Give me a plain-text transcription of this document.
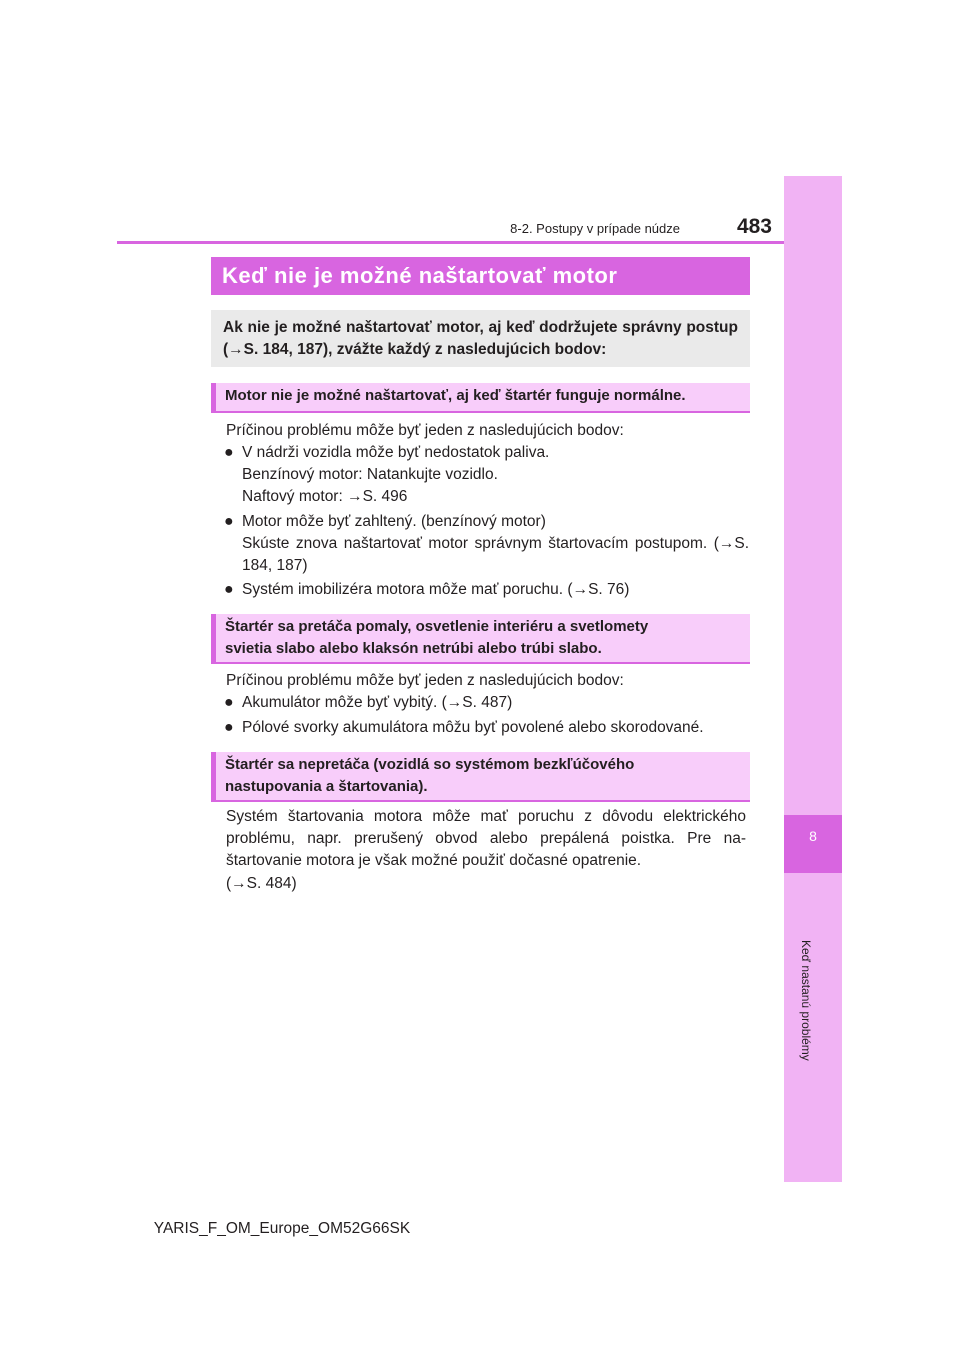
8
Keď nastanú problémy
8-2. Postupy v prípade núdze	483
Keď nie je možné naštartovať motor
Ak nie je možné naštartovať motor, aj keď dodržujete správny postup (→S. 184, 187), zvážte každý z nasledujúcich bodov:
Motor nie je možné naštartovať, aj keď štartér funguje normálne.
Príčinou problému môže byť jeden z nasledujúcich bodov:
● V nádrži vozidla môže byť nedostatok paliva.
Benzínový motor: Natankujte vozidlo.
Naftový motor: →S. 496
● Motor môže byť zahltený. (benzínový motor)
Skúste znova naštartovať motor správnym štartovacím postupom. (→S. 184, 187)
● Systém imobilizéra motora môže mať poruchu. (→S. 76)
Štartér sa pretáča pomaly, osvetlenie interiéru a svetlomety
svietia slabo alebo klaksón netrúbi alebo trúbi slabo.
Príčinou problému môže byť jeden z nasledujúcich bodov:
● Akumulátor môže byť vybitý. (→S. 487)
● Pólové svorky akumulátora môžu byť povolené alebo skorodované.
Štartér sa nepretáča (vozidlá so systémom bezkľúčového
nastupovania a štartovania).
Systém štartovania motora môže mať poruchu z dôvodu elektrického problému, napr. prerušený obvod alebo prepálená poistka. Pre na- štartovanie motora je však možné použiť dočasné opatrenie.
(→S. 484)
YARIS_F_OM_Europe_OM52G66SK
